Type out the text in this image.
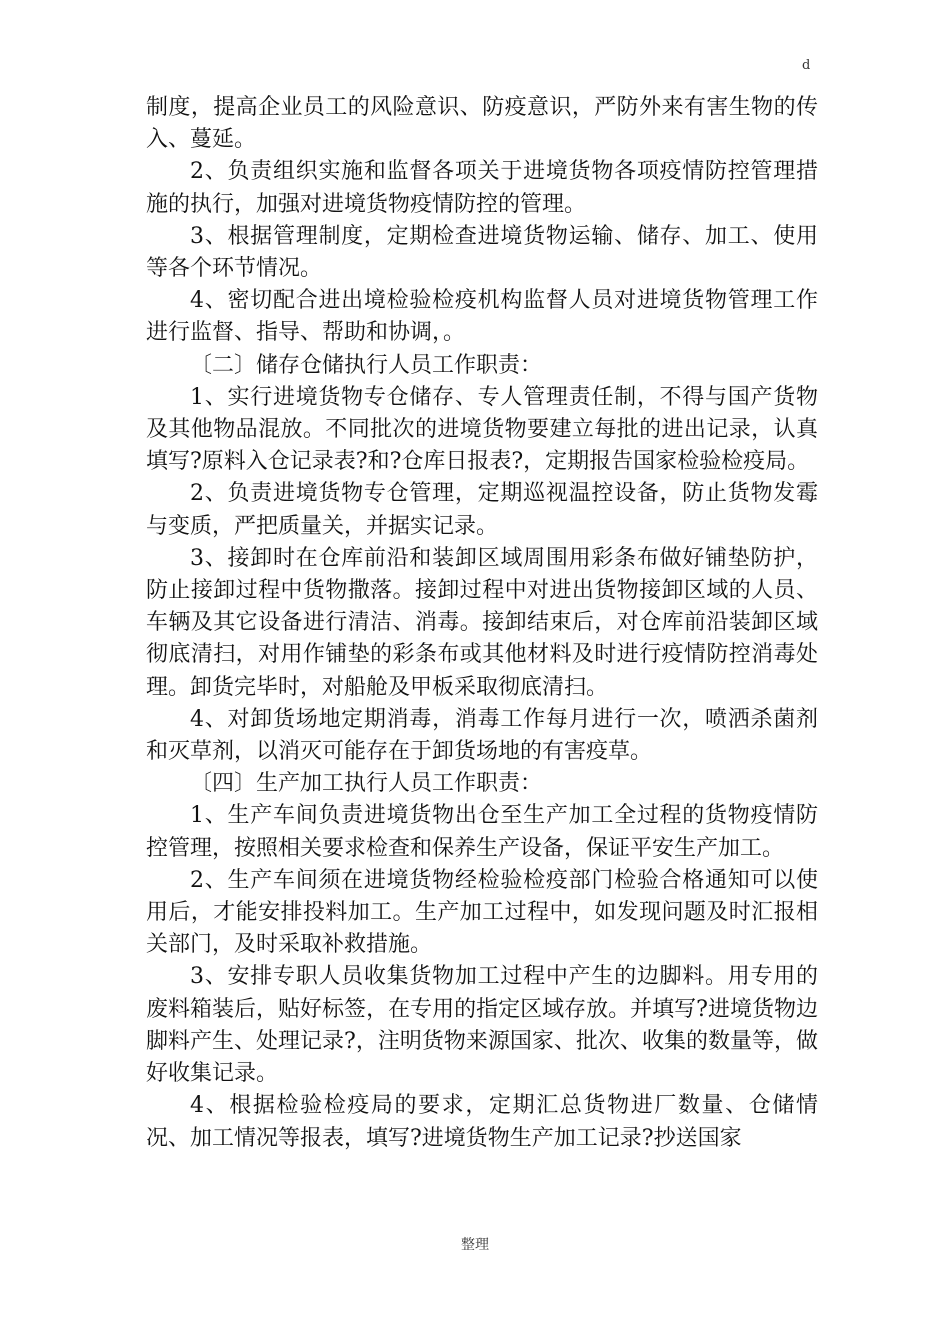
d

制度，提高企业员工的风险意识、防疫意识，严防外来有害生物的传入、蔓延。

2、负责组织实施和监督各项关于进境货物各项疫情防控管理措施的执行，加强对进境货物疫情防控的管理。

3、根据管理制度，定期检查进境货物运输、储存、加工、使用等各个环节情况。

4、密切配合进出境检验检疫机构监督人员对进境货物管理工作进行监督、指导、帮助和协调，。

〔二〕储存仓储执行人员工作职责：

1、实行进境货物专仓储存、专人管理责任制，不得与国产货物及其他物品混放。不同批次的进境货物要建立每批的进出记录，认真填写?原料入仓记录表?和?仓库日报表?，定期报告国家检验检疫局。

2、负责进境货物专仓管理，定期巡视温控设备，防止货物发霉与变质，严把质量关，并据实记录。

3、接卸时在仓库前沿和装卸区域周围用彩条布做好铺垫防护，防止接卸过程中货物撒落。接卸过程中对进出货物接卸区域的人员、车辆及其它设备进行清洁、消毒。接卸结束后，对仓库前沿装卸区域彻底清扫，对用作铺垫的彩条布或其他材料及时进行疫情防控消毒处理。卸货完毕时，对船舱及甲板采取彻底清扫。

4、对卸货场地定期消毒，消毒工作每月进行一次，喷洒杀菌剂和灭草剂，以消灭可能存在于卸货场地的有害疫草。

〔四〕生产加工执行人员工作职责：

1、生产车间负责进境货物出仓至生产加工全过程的货物疫情防控管理，按照相关要求检查和保养生产设备，保证平安生产加工。

2、生产车间须在进境货物经检验检疫部门检验合格通知可以使用后，才能安排投料加工。生产加工过程中，如发现问题及时汇报相关部门，及时采取补救措施。

3、安排专职人员收集货物加工过程中产生的边脚料。用专用的废料箱装后，贴好标签，在专用的指定区域存放。并填写?进境货物边脚料产生、处理记录?，注明货物来源国家、批次、收集的数量等，做好收集记录。

4、根据检验检疫局的要求，定期汇总货物进厂数量、仓储情况、加工情况等报表，填写?进境货物生产加工记录?抄送国家

整理
